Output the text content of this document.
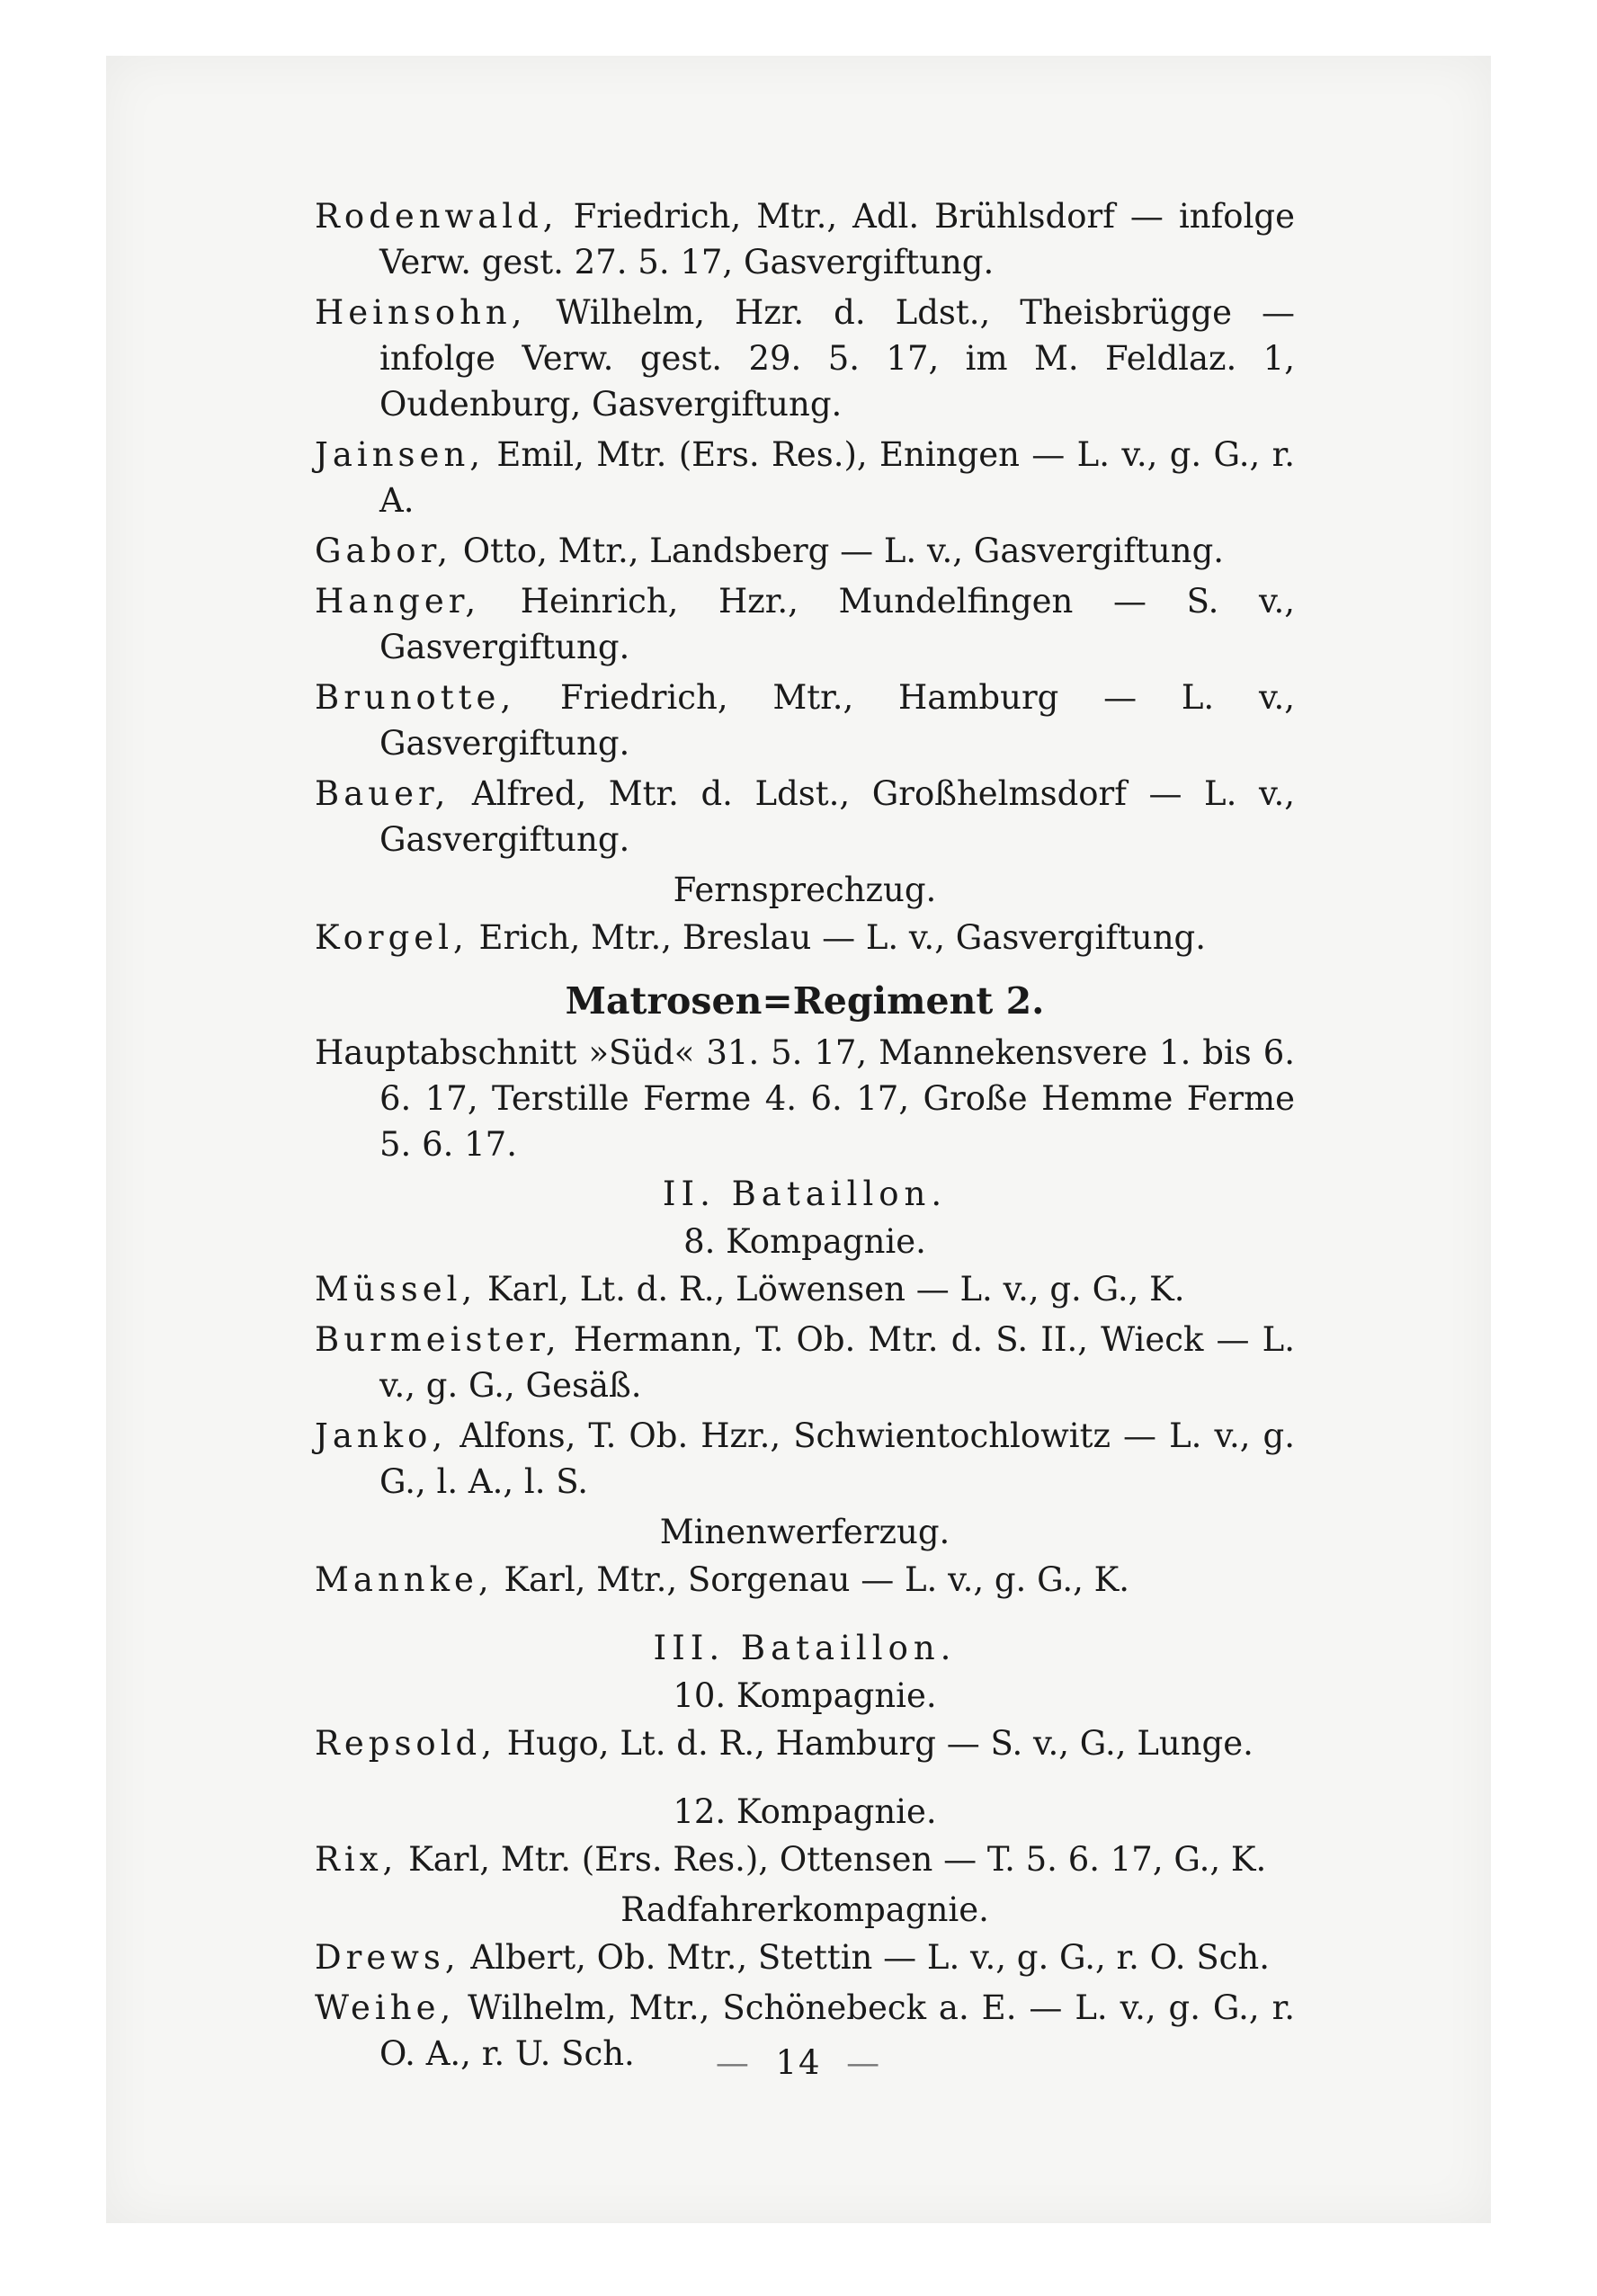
Rodenwald, Friedrich, Mtr., Adl. Brühlsdorf — infolge Verw. gest. 27. 5. 17, Gasvergiftung.
Heinsohn, Wilhelm, Hzr. d. Ldst., Theisbrügge — infolge Verw. gest. 29. 5. 17, im M. Feldlaz. 1, Oudenburg, Gasvergiftung.
Jainsen, Emil, Mtr. (Ers. Res.), Eningen — L. v., g. G., r. A.
Gabor, Otto, Mtr., Landsberg — L. v., Gasvergiftung.
Hanger, Heinrich, Hzr., Mundelfingen — S. v., Gasvergiftung.
Brunotte, Friedrich, Mtr., Hamburg — L. v., Gasvergiftung.
Bauer, Alfred, Mtr. d. Ldst., Großhelmsdorf — L. v., Gasvergiftung.
Fernsprechzug.
Korgel, Erich, Mtr., Breslau — L. v., Gasvergiftung.
Matrosen=Regiment 2.
Hauptabschnitt »Süd« 31. 5. 17, Mannekensvere 1. bis 6. 6. 17, Terstille Ferme 4. 6. 17, Große Hemme Ferme 5. 6. 17.
II. Bataillon.
8. Kompagnie.
Müssel, Karl, Lt. d. R., Löwensen — L. v., g. G., K.
Burmeister, Hermann, T. Ob. Mtr. d. S. II., Wieck — L. v., g. G., Gesäß.
Janko, Alfons, T. Ob. Hzr., Schwientochlowitz — L. v., g. G., l. A., l. S.
Minenwerferzug.
Mannke, Karl, Mtr., Sorgenau — L. v., g. G., K.
III. Bataillon.
10. Kompagnie.
Repsold, Hugo, Lt. d. R., Hamburg — S. v., G., Lunge.
12. Kompagnie.
Rix, Karl, Mtr. (Ers. Res.), Ottensen — T. 5. 6. 17, G., K.
Radfahrerkompagnie.
Drews, Albert, Ob. Mtr., Stettin — L. v., g. G., r. O. Sch.
Weihe, Wilhelm, Mtr., Schönebeck a. E. — L. v., g. G., r. O. A., r. U. Sch.	— 14 —
